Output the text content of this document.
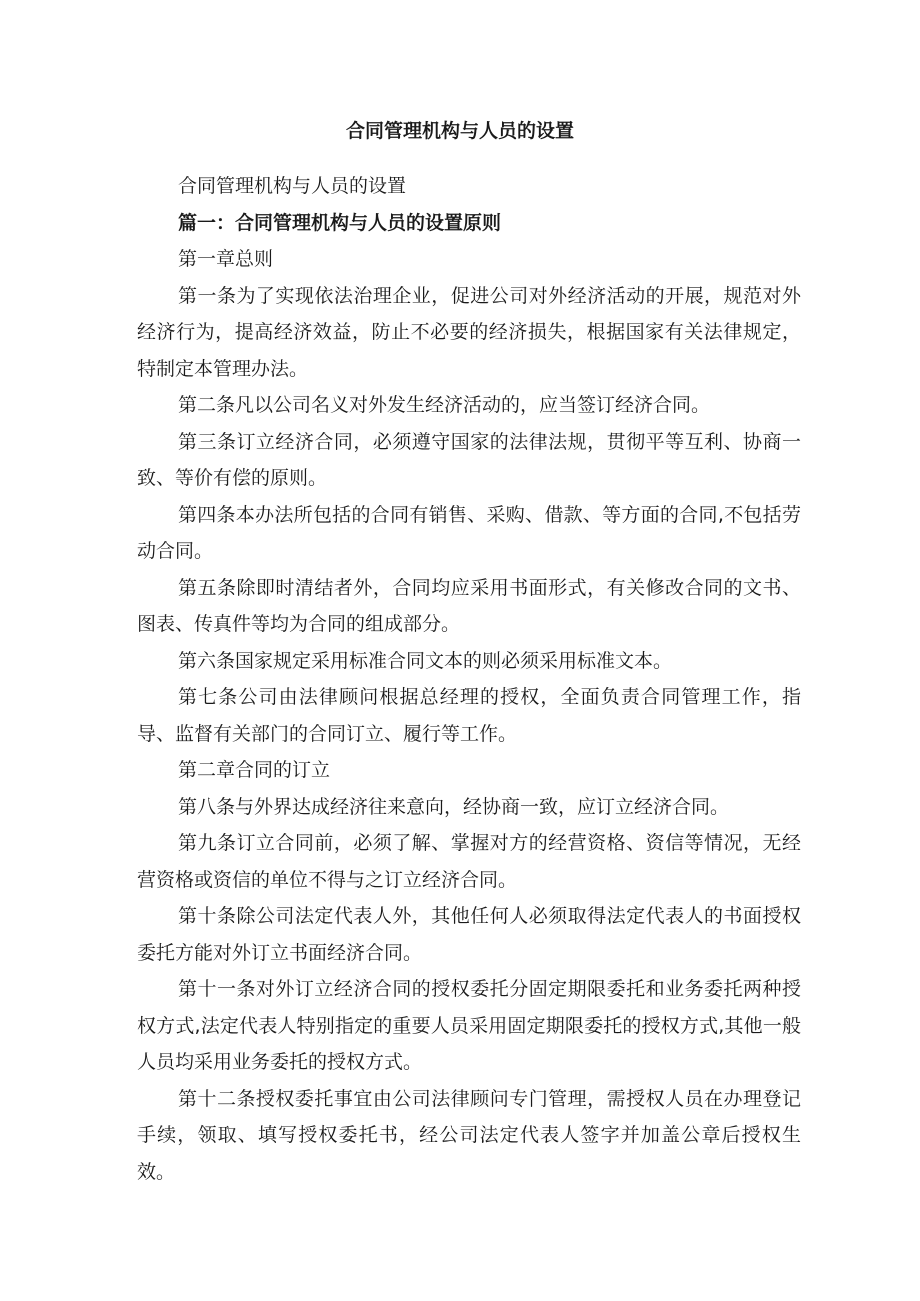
合同管理机构与人员的设置

合同管理机构与人员的设置

篇一：合同管理机构与人员的设置原则

第一章总则

第一条为了实现依法治理企业，促进公司对外经济活动的开展，规范对外经济行为，提高经济效益，防止不必要的经济损失，根据国家有关法律规定，特制定本管理办法。

第二条凡以公司名义对外发生经济活动的，应当签订经济合同。

第三条订立经济合同，必须遵守国家的法律法规，贯彻平等互利、协商一致、等价有偿的原则。

第四条本办法所包括的合同有销售、采购、借款、等方面的合同,不包括劳动合同。

第五条除即时清结者外，合同均应采用书面形式，有关修改合同的文书、图表、传真件等均为合同的组成部分。

第六条国家规定采用标准合同文本的则必须采用标准文本。

第七条公司由法律顾问根据总经理的授权，全面负责合同管理工作，指导、监督有关部门的合同订立、履行等工作。

第二章合同的订立

第八条与外界达成经济往来意向，经协商一致，应订立经济合同。

第九条订立合同前，必须了解、掌握对方的经营资格、资信等情况，无经营资格或资信的单位不得与之订立经济合同。

第十条除公司法定代表人外，其他任何人必须取得法定代表人的书面授权委托方能对外订立书面经济合同。

第十一条对外订立经济合同的授权委托分固定期限委托和业务委托两种授权方式,法定代表人特别指定的重要人员采用固定期限委托的授权方式,其他一般人员均采用业务委托的授权方式。

第十二条授权委托事宜由公司法律顾问专门管理，需授权人员在办理登记手续，领取、填写授权委托书，经公司法定代表人签字并加盖公章后授权生效。
